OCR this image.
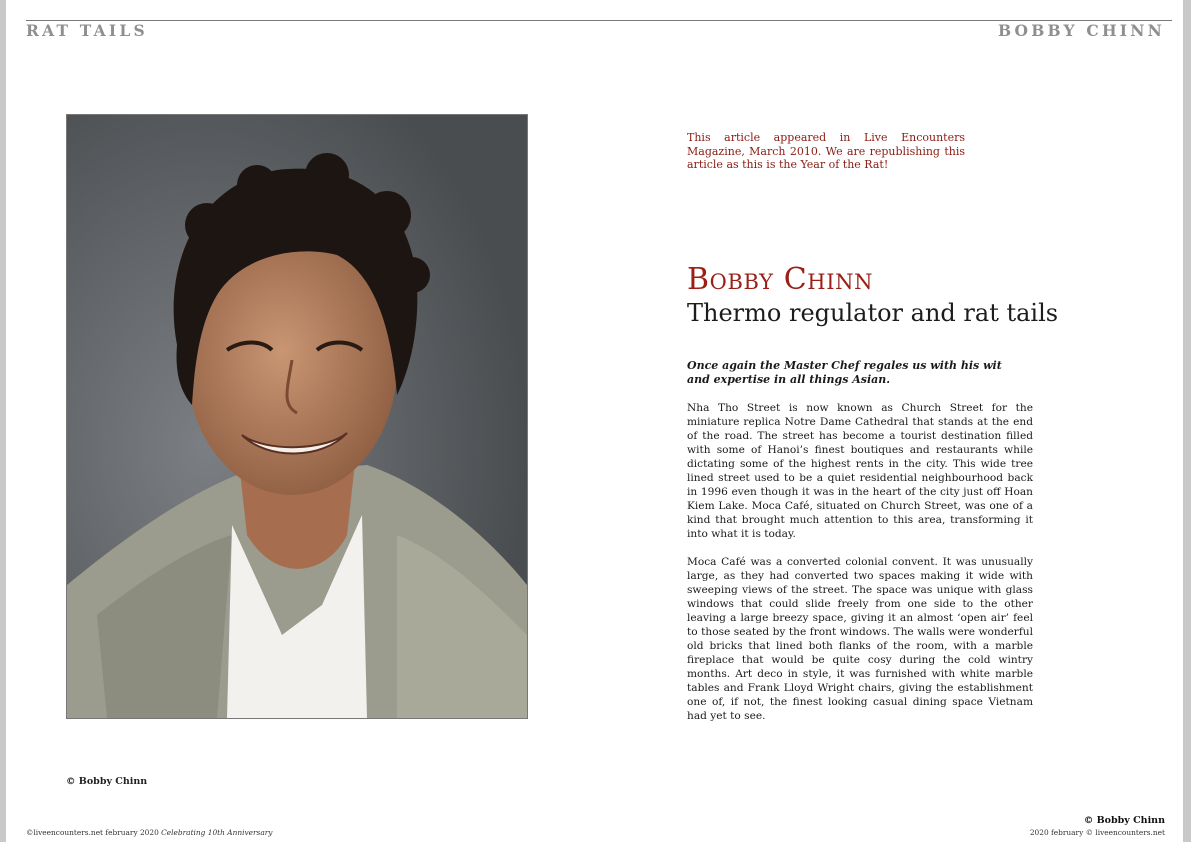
RAT TAILS	BOBBY CHINN
© Bobby Chinn
This article appeared in Live Encounters Magazine, March 2010. We are republishing this article as this is the Year of the Rat!
Bobby Chinn
Thermo regulator and rat tails
Once again the Master Chef regales us with his wit and expertise in all things Asian.
Nha Tho Street is now known as Church Street for the miniature replica Notre Dame Cathedral that stands at the end of the road. The street has become a tourist destination filled with some of Hanoi’s finest boutiques and restaurants while dictating some of the highest rents in the city. This wide tree lined street used to be a quiet residential neighbourhood back in 1996 even though it was in the heart of the city just off Hoan Kiem Lake. Moca Café, situated on Church Street, was one of a kind that brought much attention to this area, transforming it into what it is today.
Moca Café was a converted colonial convent. It was unusually large, as they had converted two spaces making it wide with sweeping views of the street. The space was unique with glass windows that could slide freely from one side to the other leaving a large breezy space, giving it an almost ‘open air’ feel to those seated by the front windows. The walls were wonderful old bricks that lined both flanks of the room, with a marble fireplace that would be quite cosy during the cold wintry months. Art deco in style, it was furnished with white marble tables and Frank Lloyd Wright chairs, giving the establishment one of, if not, the finest looking casual dining space Vietnam had yet to see.
© Bobby Chinn
©liveencounters.net february 2020 Celebrating 10th Anniversary	2020 february © liveencounters.net
